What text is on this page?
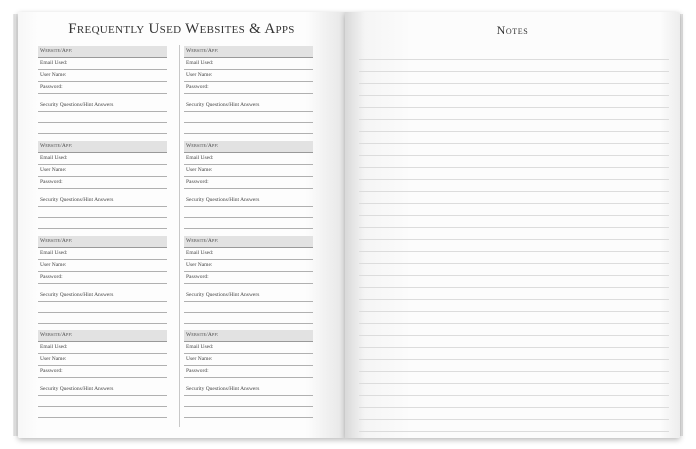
Frequently Used Websites & Apps
Website/App:
Email Used:
User Name:
Password:
Security Questions/Hint Answers
Website/App:
Email Used:
User Name:
Password:
Security Questions/Hint Answers
Website/App:
Email Used:
User Name:
Password:
Security Questions/Hint Answers
Website/App:
Email Used:
User Name:
Password:
Security Questions/Hint Answers
Website/App:
Email Used:
User Name:
Password:
Security Questions/Hint Answers
Website/App:
Email Used:
User Name:
Password:
Security Questions/Hint Answers
Website/App:
Email Used:
User Name:
Password:
Security Questions/Hint Answers
Website/App:
Email Used:
User Name:
Password:
Security Questions/Hint Answers
Notes
